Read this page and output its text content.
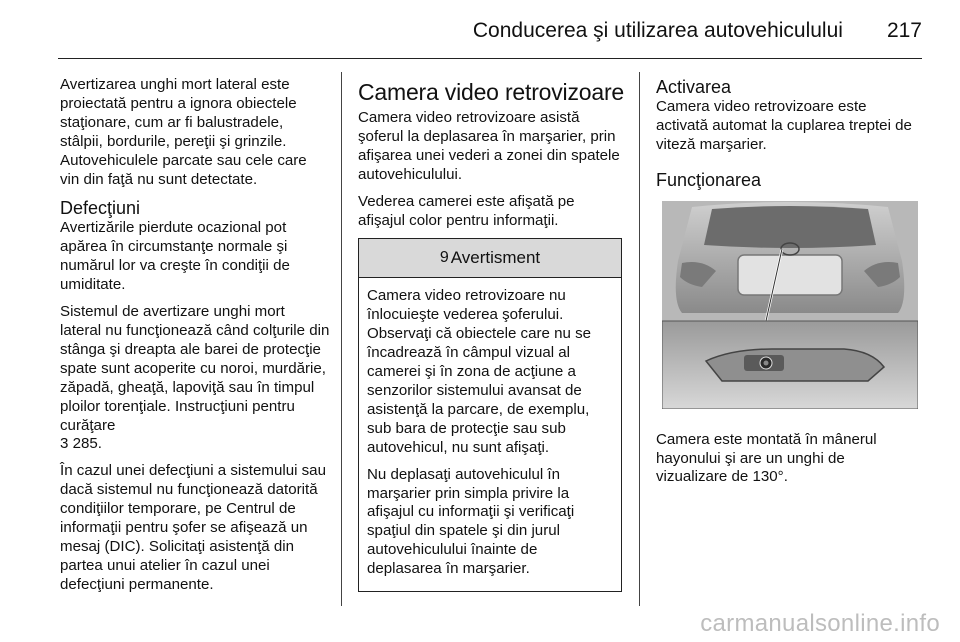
Conducerea şi utilizarea autovehiculului 217

Avertizarea unghi mort lateral este proiectată pentru a ignora obiectele staţionare, cum ar fi balustradele, stâlpii, bordurile, pereţii şi grinzile. Autovehiculele parcate sau cele care vin din faţă nu sunt detectate.

Defecţiuni

Avertizările pierdute ocazional pot apărea în circumstanţe normale şi numărul lor va creşte în condiţii de umiditate.

Sistemul de avertizare unghi mort lateral nu funcţionează când colţurile din stânga şi dreapta ale barei de protecţie spate sunt acoperite cu noroi, murdărie, zăpadă, gheaţă, lapoviţă sau în timpul ploilor torenţiale. Instrucţiuni pentru curăţare
3 285.

În cazul unei defecţiuni a sistemului sau dacă sistemul nu funcţionează datorită condiţiilor temporare, pe Centrul de informaţii pentru şofer se afişează un mesaj (DIC). Solicitaţi asistenţă din partea unui atelier în cazul unei defecţiuni permanente.

Camera video retrovizoare

Camera video retrovizoare asistă şoferul la deplasarea în marşarier, prin afişarea unei vederi a zonei din spatele autovehiculului.

Vederea camerei este afişată pe afişajul color pentru informaţii.

9 Avertisment

Camera video retrovizoare nu înlocuieşte vederea şoferului. Observaţi că obiectele care nu se încadrează în câmpul vizual al camerei şi în zona de acţiune a senzorilor sistemului avansat de asistenţă la parcare, de exemplu, sub bara de protecţie sau sub autovehicul, nu sunt afişaţi.

Nu deplasaţi autovehiculul în marşarier prin simpla privire la afişajul cu informaţii şi verificaţi spaţiul din spatele şi din jurul autovehiculului înainte de deplasarea în marşarier.

Activarea

Camera video retrovizoare este activată automat la cuplarea treptei de viteză marşarier.

Funcţionarea

Camera este montată în mânerul hayonului şi are un unghi de vizualizare de 130°.

carmanualsonline.info
